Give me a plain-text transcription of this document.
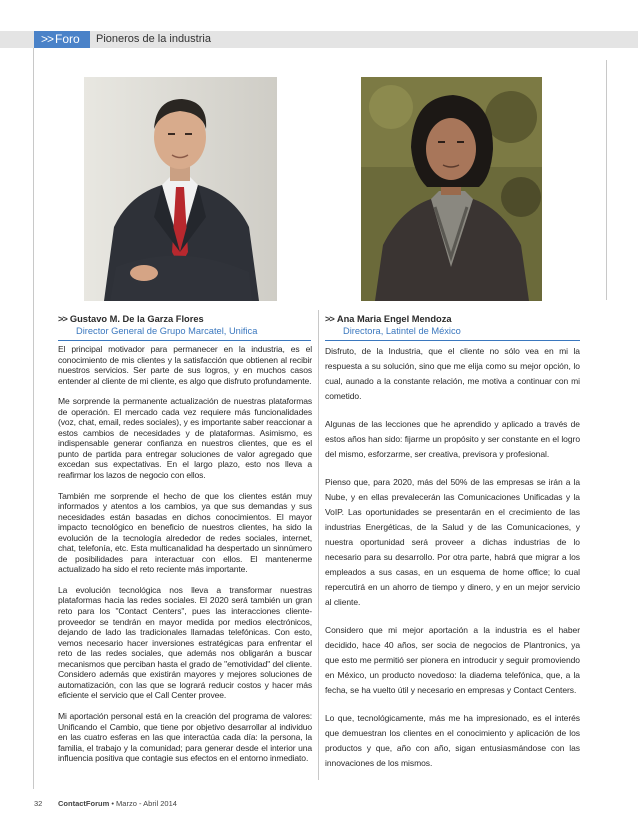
>> Foro	Pioneros de la industria
>> Gustavo M. De la Garza Flores
Director General de Grupo Marcatel, Unifica
>> Ana Maria Engel Mendoza
Directora, Latintel de México

El principal motivador para permanecer en la industria, es el conocimiento de mis clientes y la satisfacción que obtienen al recibir nuestros servicios. Ser parte de sus logros, y en muchos casos entender al cliente de mi cliente, es algo que disfruto profundamente.

Me sorprende la permanente actualización de nuestras plataformas de operación. El mercado cada vez requiere más funcionalidades (voz, chat, email, redes sociales), y es importante saber reaccionar a estos cambios de necesidades y de plataformas. Asimismo, es indispensable generar confianza en nuestros clientes, que es el punto de partida para entregar soluciones de valor agregado que excedan sus expectativas. En el largo plazo, esto nos lleva a reafirmar los lazos de negocio con ellos.

También me sorprende el hecho de que los clientes están muy informados y atentos a los cambios, ya que sus demandas y sus necesidades están basadas en dichos conocimientos. El mayor impacto tecnológico en beneficio de nuestros clientes, ha sido la evolución de la tecnología alrededor de redes sociales, internet, chat, telefonía, etc. Esta multicanalidad ha despertado un sinnúmero de posibilidades para interactuar con ellos. El mantenerme actualizado ha sido el reto reciente más importante.

La evolución tecnológica nos lleva a transformar nuestras plataformas hacia las redes sociales. El 2020 será también un gran reto para los "Contact Centers", pues las interacciones cliente-proveedor se tendrán en mayor medida por medios electrónicos, dejando de lado las tradicionales llamadas telefónicas. Con esto, vemos necesario hacer inversiones estratégicas para enfrentar el reto de las redes sociales, que además nos obligarán a buscar mecanismos que perciban hasta el grado de "emotividad" del cliente. Considero además que existirán mayores y mejores soluciones de automatización, con las que se logrará reducir costos y hacer más eficiente el servicio que el Call Center provee.

Mi aportación personal está en la creación del programa de valores: Unificando el Cambio, que tiene por objetivo desarrollar al individuo en las cuatro esferas en las que interactúa cada día: la persona, la familia, el trabajo y la comunidad; para generar desde el interior una influencia positiva que contagie sus efectos en el entorno inmediato.

Disfruto, de la Industria, que el cliente no sólo vea en mi la respuesta a su solución, sino que me elija como su mejor opción, lo cual, aunado a la constante relación, me motiva a continuar con mi cometido.

Algunas de las lecciones que he aprendido y aplicado a través de estos años han sido: fijarme un propósito y ser constante en el logro del mismo, esforzarme, ser creativa, previsora y profesional.

Pienso que, para 2020, más del 50% de las empresas se irán a la Nube, y en ellas prevalecerán las Comunicaciones Unificadas y la VoIP. Las oportunidades se presentarán en el crecimiento de las industrias Energéticas, de la Salud y de las Comunicaciones, y nuestra oportunidad será proveer a dichas industrias de lo necesario para su desarrollo. Por otra parte, habrá que migrar a los empleados a sus casas, en un esquema de home office; lo cual repercutirá en un ahorro de tiempo y dinero, y en un mejor servicio al cliente.

Considero que mi mejor aportación a la industria es el haber decidido, hace 40 años, ser socia de negocios de Plantronics, ya que esto me permitió ser pionera en introducir y seguir promoviendo en México, un producto novedoso: la diadema telefónica, que, a la fecha, se ha vuelto útil y necesario en empresas y Contact Centers.

Lo que, tecnológicamente, más me ha impresionado, es el interés que demuestran los clientes en el conocimiento y aplicación de los productos y que, año con año, sigan entusiasmándose con las innovaciones de los mismos.

32 ContactForum • Marzo - Abril 2014
